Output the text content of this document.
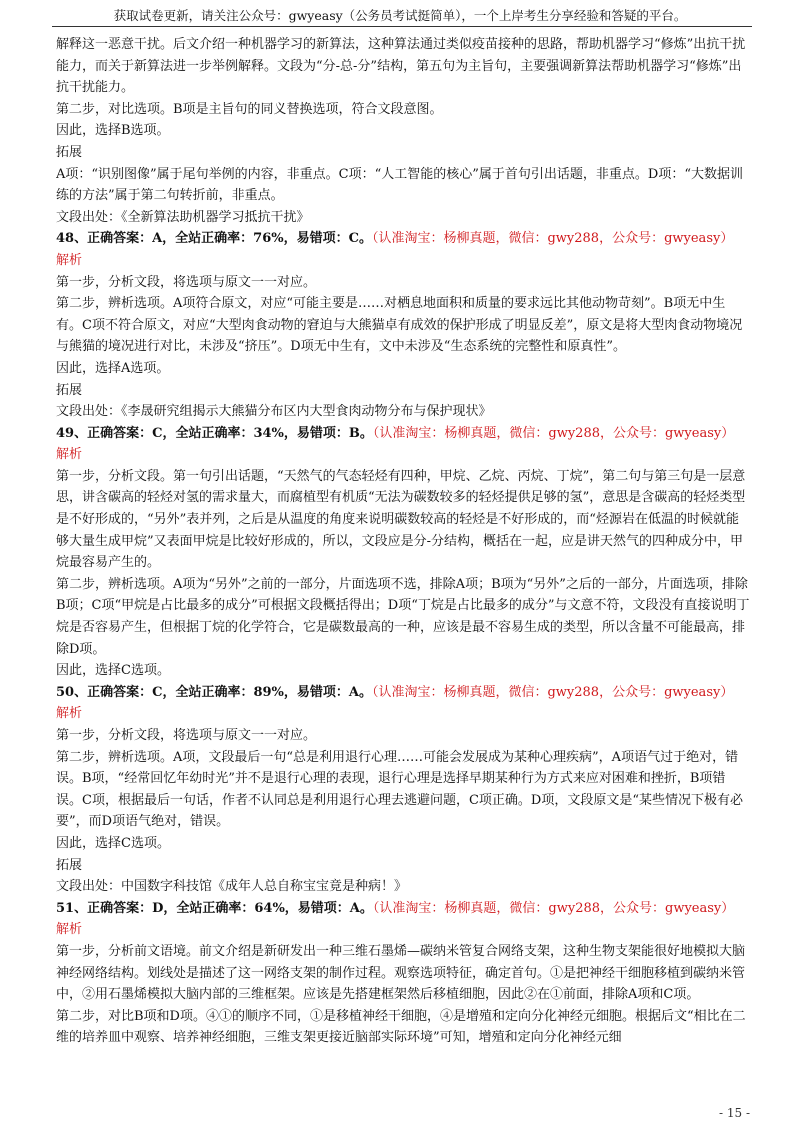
获取试卷更新，请关注公众号：gwyeasy（公务员考试挺简单），一个上岸考生分享经验和答疑的平台。

解释这一恶意干扰。后文介绍一种机器学习的新算法，这种算法通过类似疫苗接种的思路，帮助机器学习“修炼”出抗干扰能力，而关于新算法进一步举例解释。文段为“分-总-分”结构，第五句为主旨句，主要强调新算法帮助机器学习“修炼”出抗干扰能力。

第二步，对比选项。B项是主旨句的同义替换选项，符合文段意图。

因此，选择B选项。

拓展

A项：“识别图像”属于尾句举例的内容，非重点。C项：“人工智能的核心”属于首句引出话题，非重点。D项：“大数据训练的方法”属于第二句转折前，非重点。

文段出处：《全新算法助机器学习抵抗干扰》

48、正确答案：A，全站正确率：76%，易错项：C。（认准淘宝：杨柳真题，微信：gwy288，公众号：gwyeasy）

解析

第一步，分析文段，将选项与原文一一对应。

第二步，辨析选项。A项符合原文，对应“可能主要是……对栖息地面积和质量的要求远比其他动物苛刻”。B项无中生有。C项不符合原文，对应“大型肉食动物的窘迫与大熊猫卓有成效的保护形成了明显反差”，原文是将大型肉食动物境况与熊猫的境况进行对比，未涉及“挤压”。D项无中生有，文中未涉及“生态系统的完整性和原真性”。

因此，选择A选项。

拓展

文段出处：《李晟研究组揭示大熊猫分布区内大型食肉动物分布与保护现状》

49、正确答案：C，全站正确率：34%，易错项：B。（认准淘宝：杨柳真题，微信：gwy288，公众号：gwyeasy）

解析

第一步，分析文段。第一句引出话题，“天然气的气态轻烃有四种，甲烷、乙烷、丙烷、丁烷”，第二句与第三句是一层意思，讲含碳高的轻烃对氢的需求量大，而腐植型有机质“无法为碳数较多的轻烃提供足够的氢”，意思是含碳高的轻烃类型是不好形成的，“另外”表并列，之后是从温度的角度来说明碳数较高的轻烃是不好形成的，而“烃源岩在低温的时候就能够大量生成甲烷”又表面甲烷是比较好形成的，所以，文段应是分-分结构，概括在一起，应是讲天然气的四种成分中，甲烷最容易产生的。

第二步，辨析选项。A项为“另外”之前的一部分，片面选项不选，排除A项；B项为“另外”之后的一部分，片面选项，排除B项；C项“甲烷是占比最多的成分”可根据文段概括得出；D项“丁烷是占比最多的成分”与文意不符，文段没有直接说明丁烷是否容易产生，但根据丁烷的化学符合，它是碳数最高的一种，应该是最不容易生成的类型，所以含量不可能最高，排除D项。

因此，选择C选项。

50、正确答案：C，全站正确率：89%，易错项：A。（认准淘宝：杨柳真题，微信：gwy288，公众号：gwyeasy）

解析

第一步，分析文段，将选项与原文一一对应。

第二步，辨析选项。A项，文段最后一句“总是利用退行心理……可能会发展成为某种心理疾病”，A项语气过于绝对，错误。B项，“经常回忆年幼时光”并不是退行心理的表现，退行心理是选择早期某种行为方式来应对困难和挫折，B项错误。C项，根据最后一句话，作者不认同总是利用退行心理去逃避问题，C项正确。D项，文段原文是“某些情况下极有必要”，而D项语气绝对，错误。

因此，选择C选项。

拓展

文段出处：中国数字科技馆《成年人总自称宝宝竟是种病！》

51、正确答案：D，全站正确率：64%，易错项：A。（认准淘宝：杨柳真题，微信：gwy288，公众号：gwyeasy）

解析

第一步，分析前文语境。前文介绍是新研发出一种三维石墨烯—碳纳米管复合网络支架，这种生物支架能很好地模拟大脑神经网络结构。划线处是描述了这一网络支架的制作过程。观察选项特征，确定首句。①是把神经干细胞移植到碳纳米管中，②用石墨烯模拟大脑内部的三维框架。应该是先搭建框架然后移植细胞，因此②在①前面，排除A项和C项。

第二步，对比B项和D项。④①的顺序不同，①是移植神经干细胞，④是增殖和定向分化神经元细胞。根据后文“相比在二维的培养皿中观察、培养神经细胞，三维支架更接近脑部实际环境”可知，增殖和定向分化神经元细

- 15 -
